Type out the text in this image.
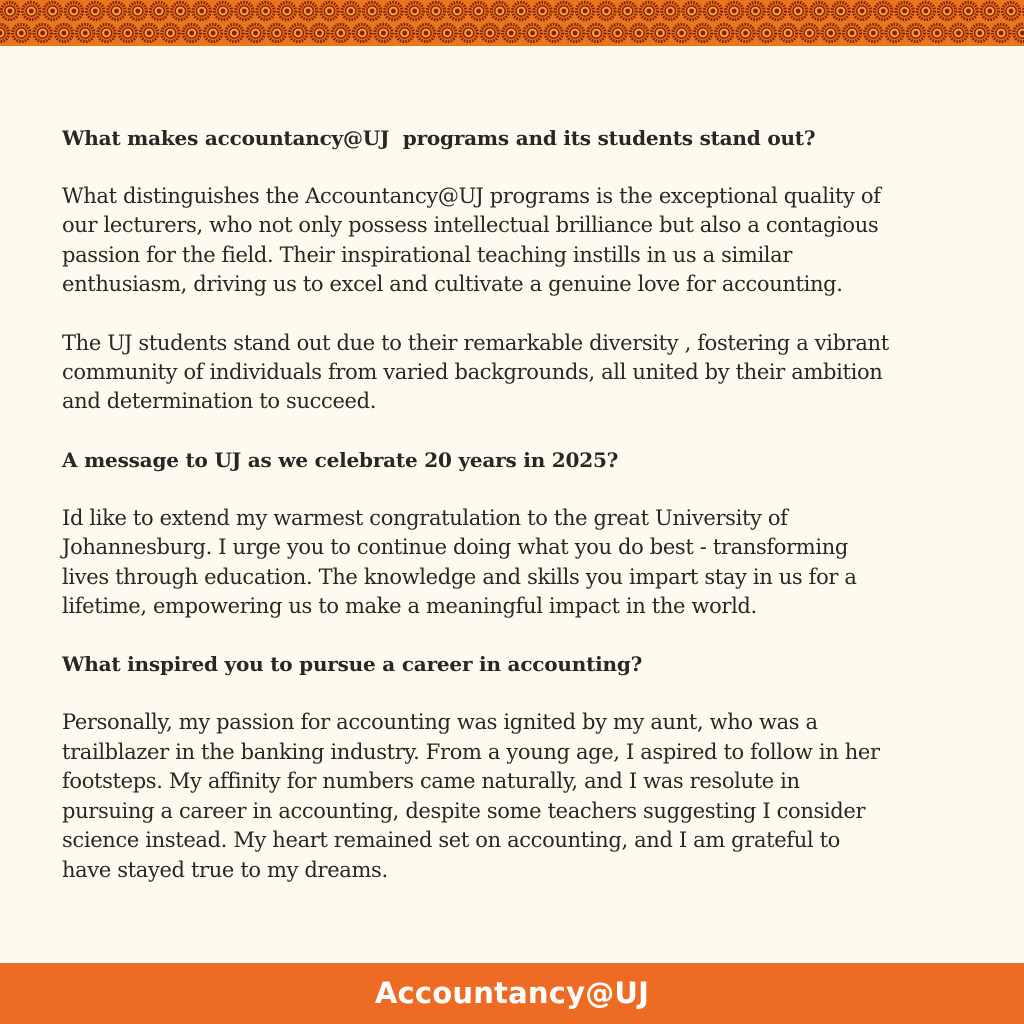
What makes accountancy@UJ  programs and its students stand out?

What distinguishes the Accountancy@UJ programs is the exceptional quality of
our lecturers, who not only possess intellectual brilliance but also a contagious
passion for the field. Their inspirational teaching instills in us a similar
enthusiasm, driving us to excel and cultivate a genuine love for accounting.

The UJ students stand out due to their remarkable diversity , fostering a vibrant
community of individuals from varied backgrounds, all united by their ambition
and determination to succeed.

A message to UJ as we celebrate 20 years in 2025?

Id like to extend my warmest congratulation to the great University of
Johannesburg. I urge you to continue doing what you do best - transforming
lives through education. The knowledge and skills you impart stay in us for a
lifetime, empowering us to make a meaningful impact in the world.

What inspired you to pursue a career in accounting?

Personally, my passion for accounting was ignited by my aunt, who was a
trailblazer in the banking industry. From a young age, I aspired to follow in her
footsteps. My affinity for numbers came naturally, and I was resolute in
pursuing a career in accounting, despite some teachers suggesting I consider
science instead. My heart remained set on accounting, and I am grateful to
have stayed true to my dreams.

Accountancy@UJ
